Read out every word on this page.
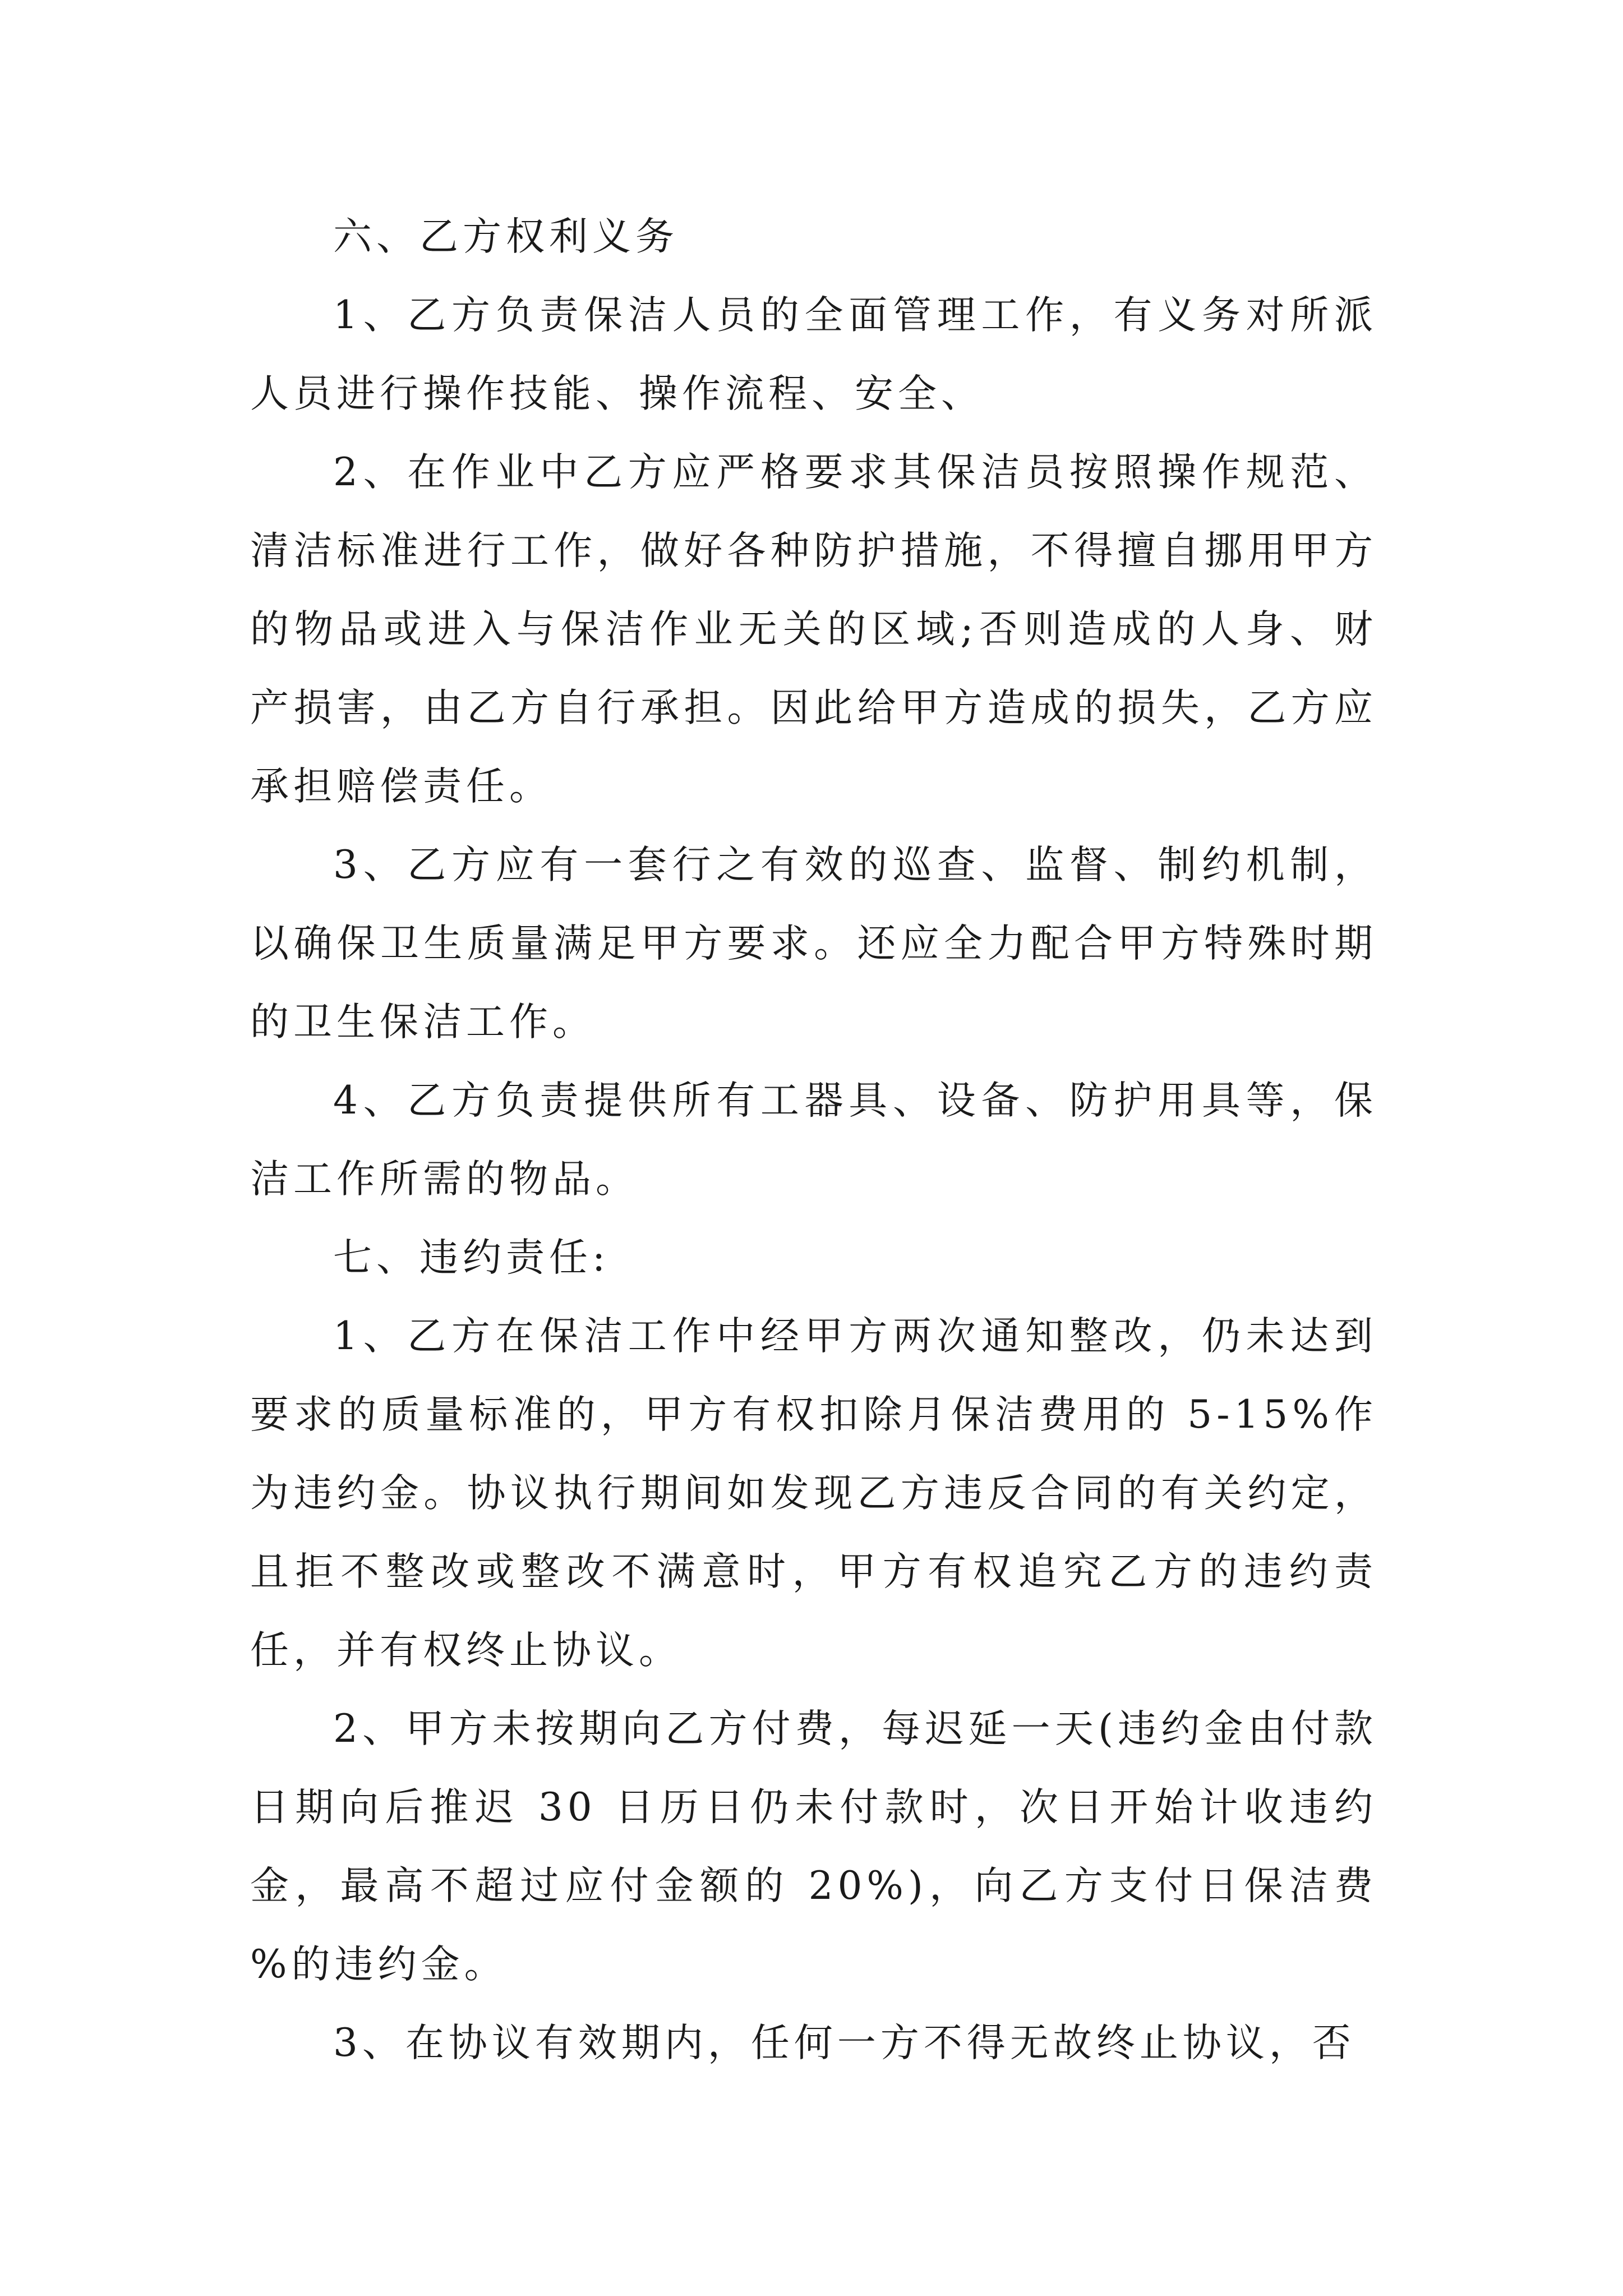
六、乙方权利义务

1、乙方负责保洁人员的全面管理工作，有义务对所派人员进行操作技能、操作流程、安全、

2、在作业中乙方应严格要求其保洁员按照操作规范、清洁标准进行工作，做好各种防护措施，不得擅自挪用甲方的物品或进入与保洁作业无关的区域;否则造成的人身、财产损害，由乙方自行承担。因此给甲方造成的损失，乙方应承担赔偿责任。

3、乙方应有一套行之有效的巡查、监督、制约机制，以确保卫生质量满足甲方要求。还应全力配合甲方特殊时期的卫生保洁工作。

4、乙方负责提供所有工器具、设备、防护用具等，保洁工作所需的物品。

七、违约责任:

1、乙方在保洁工作中经甲方两次通知整改，仍未达到要求的质量标准的，甲方有权扣除月保洁费用的 5-15%作为违约金。协议执行期间如发现乙方违反合同的有关约定，且拒不整改或整改不满意时，甲方有权追究乙方的违约责任，并有权终止协议。

2、甲方未按期向乙方付费，每迟延一天(违约金由付款日期向后推迟 30 日历日仍未付款时，次日开始计收违约金，最高不超过应付金额的 20%)，向乙方支付日保洁费 %的违约金。

3、在协议有效期内，任何一方不得无故终止协议，否
